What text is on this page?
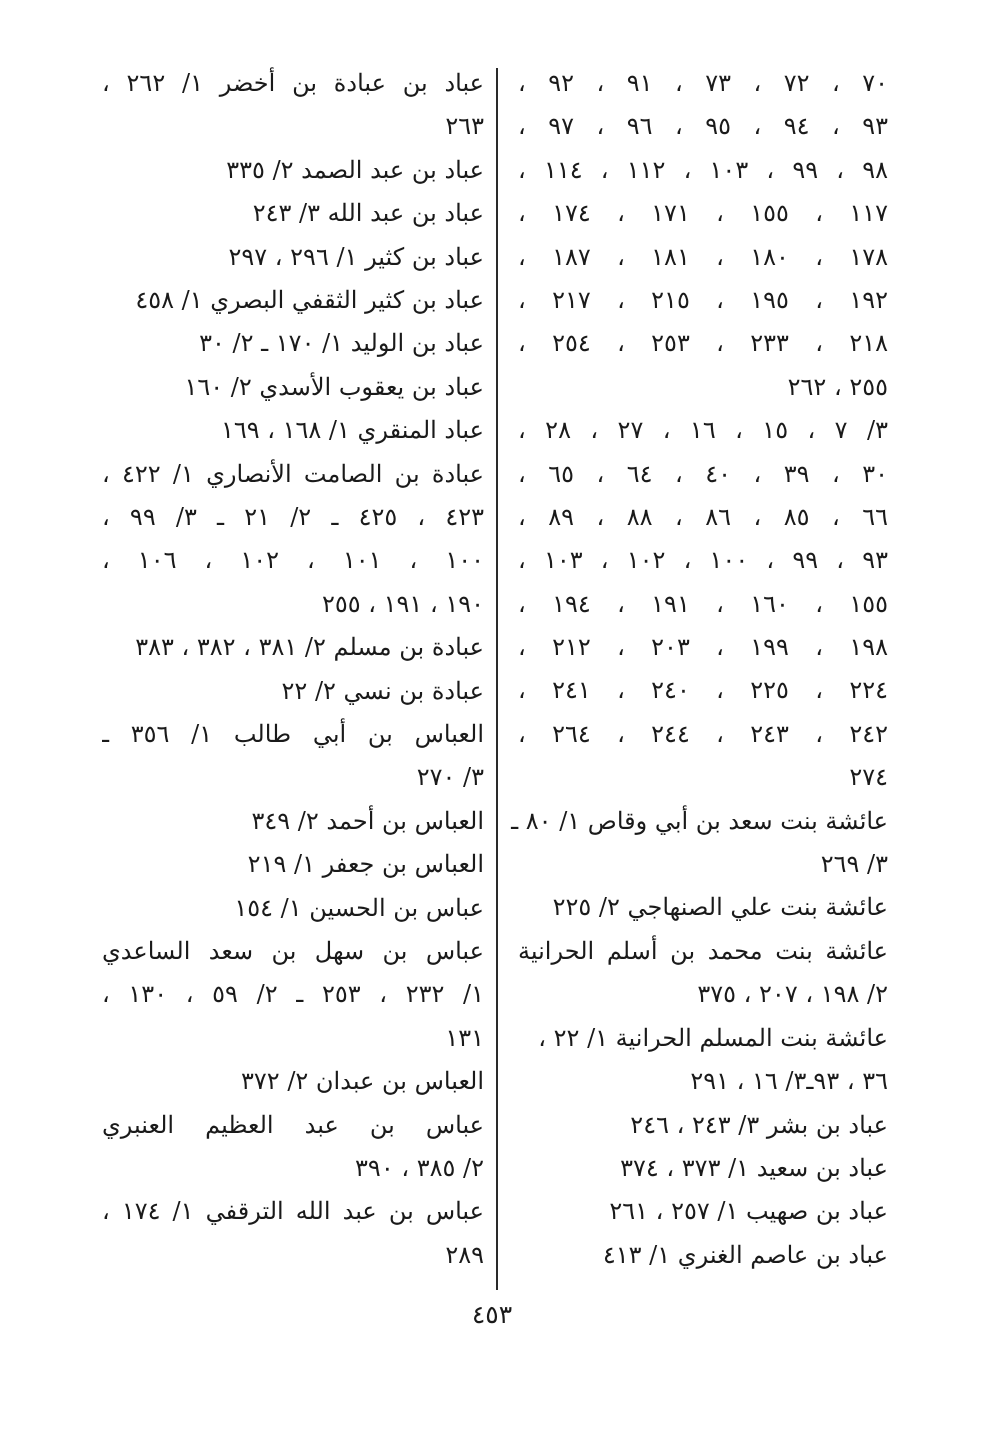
٧٠ ، ٧٢ ، ٧٣ ، ٩١ ، ٩٢ ،
٩٣ ، ٩٤ ، ٩٥ ، ٩٦ ، ٩٧ ،
٩٨ ، ٩٩ ، ١٠٣ ، ١١٢ ، ١١٤ ،
١١٧ ، ١٥٥ ، ١٧١ ، ١٧٤ ،
١٧٨ ، ١٨٠ ، ١٨١ ، ١٨٧ ،
١٩٢ ، ١٩٥ ، ٢١٥ ، ٢١٧ ،
٢١٨ ، ٢٣٣ ، ٢٥٣ ، ٢٥٤ ،
٢٥٥ ، ٢٦٢
٣/ ٧ ، ١٥ ، ١٦ ، ٢٧ ، ٢٨ ،
٣٠ ، ٣٩ ، ٤٠ ، ٦٤ ، ٦٥ ،
٦٦ ، ٨٥ ، ٨٦ ، ٨٨ ، ٨٩ ،
٩٣ ، ٩٩ ، ١٠٠ ، ١٠٢ ، ١٠٣ ،
١٥٥ ، ١٦٠ ، ١٩١ ، ١٩٤ ،
١٩٨ ، ١٩٩ ، ٢٠٣ ، ٢١٢ ،
٢٢٤ ، ٢٢٥ ، ٢٤٠ ، ٢٤١ ،
٢٤٢ ، ٢٤٣ ، ٢٤٤ ، ٢٦٤ ،
٢٧٤
عائشة بنت سعد بن أبي وقاص ١/ ٨٠ ـ
٣/ ٢٦٩
عائشة بنت علي الصنهاجي ٢/ ٢٢٥
عائشة بنت محمد بن أسلم الحرانية
٢/ ١٩٨ ، ٢٠٧ ، ٣٧٥
عائشة بنت المسلم الحرانية ١/ ٢٢ ،
٣٦ ، ٩٣ـ٣/ ١٦ ، ٢٩١
عباد بن بشر ٣/ ٢٤٣ ، ٢٤٦
عباد بن سعيد ١/ ٣٧٣ ، ٣٧٤
عباد بن صهيب ١/ ٢٥٧ ، ٢٦١
عباد بن عاصم الغنري ١/ ٤١٣
عباد بن عبادة بن أخضر ١/ ٢٦٢ ،
٢٦٣
عباد بن عبد الصمد ٢/ ٣٣٥
عباد بن عبد الله ٣/ ٢٤٣
عباد بن كثير ١/ ٢٩٦ ، ٢٩٧
عباد بن كثير الثقفي البصري ١/ ٤٥٨
عباد بن الوليد ١/ ١٧٠ ـ ٢/ ٣٠
عباد بن يعقوب الأسدي ٢/ ١٦٠
عباد المنقري ١/ ١٦٨ ، ١٦٩
عبادة بن الصامت الأنصاري ١/ ٤٢٢ ،
٤٢٣ ، ٤٢٥ ـ ٢/ ٢١ ـ ٣/ ٩٩ ،
١٠٠ ، ١٠١ ، ١٠٢ ، ١٠٦ ،
١٩٠ ، ١٩١ ، ٢٥٥
عبادة بن مسلم ٢/ ٣٨١ ، ٣٨٢ ، ٣٨٣
عبادة بن نسي ٢/ ٢٢
العباس بن أبي طالب ١/ ٣٥٦ ـ
٣/ ٢٧٠
العباس بن أحمد ٢/ ٣٤٩
العباس بن جعفر ١/ ٢١٩
عباس بن الحسين ١/ ١٥٤
عباس بن سهل بن سعد الساعدي
١/ ٢٣٢ ، ٢٥٣ ـ ٢/ ٥٩ ، ١٣٠ ،
١٣١
العباس بن عبدان ٢/ ٣٧٢
عباس بن عبد العظيم العنبري
٢/ ٣٨٥ ، ٣٩٠
عباس بن عبد الله الترقفي ١/ ١٧٤ ،
٢٨٩
٤٥٣
